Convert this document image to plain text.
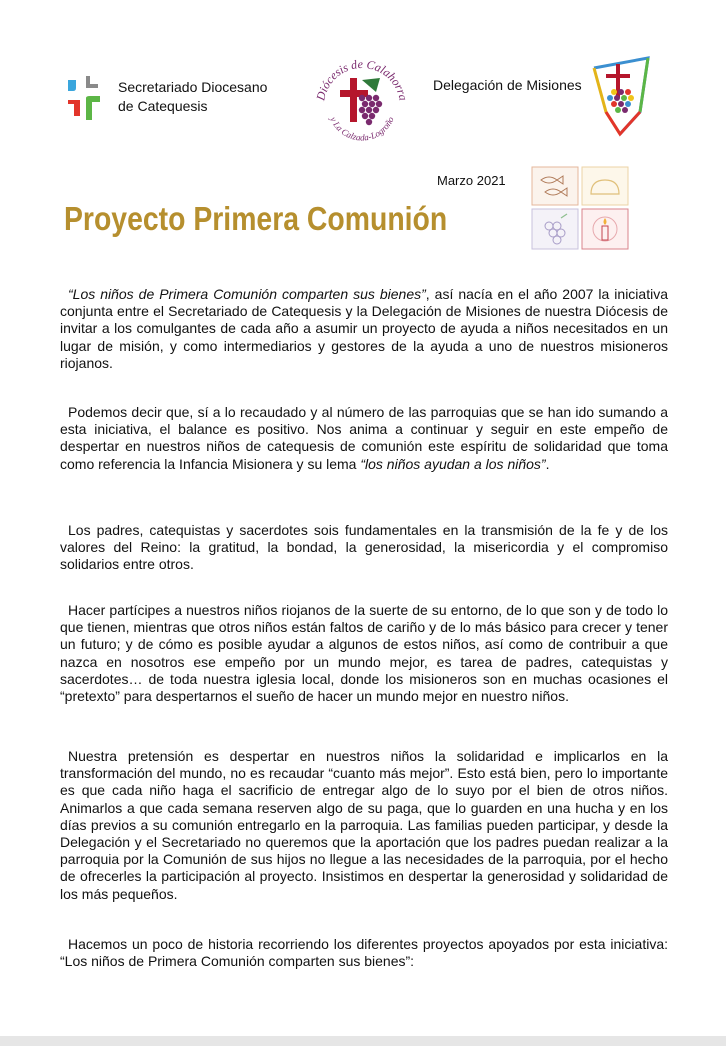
Secretariado Diocesano
de Catequesis
Diócesis de Calahorra
y La Calzada-Logroño
Delegación de Misiones
Marzo 2021
Proyecto Primera Comunión

“Los niños de Primera Comunión comparten sus bienes”, así nacía en el año 2007 la iniciativa conjunta entre el Secretariado de Catequesis y la Delegación de Misiones de nuestra Diócesis de invitar a los comulgantes de cada año a asumir un proyecto de ayuda a niños necesitados en un lugar de misión, y como intermediarios y gestores de la ayuda a uno de nuestros misioneros riojanos.

Podemos decir que, sí a lo recaudado y al número de las parroquias que se han ido sumando a esta iniciativa, el balance es positivo. Nos anima a continuar y seguir en este empeño de despertar en nuestros niños de catequesis de comunión este espíritu de solidaridad que toma como referencia la Infancia Misionera y su lema “los niños ayudan a los niños”.

Los padres, catequistas y sacerdotes sois fundamentales en la transmisión de la fe y de los valores del Reino: la gratitud, la bondad, la generosidad, la misericordia y el compromiso solidarios entre otros.

Hacer partícipes a nuestros niños riojanos de la suerte de su entorno, de lo que son y de todo lo que tienen, mientras que otros niños están faltos de cariño y de lo más básico para crecer y tener un futuro; y de cómo es posible ayudar a algunos de estos niños, así como de contribuir a que nazca en nosotros ese empeño por un mundo mejor, es tarea de padres, catequistas y sacerdotes… de toda nuestra iglesia local, donde los misioneros son en muchas ocasiones el “pretexto” para despertarnos el sueño de hacer un mundo mejor en nuestro niños.

Nuestra pretensión es despertar en nuestros niños la solidaridad e implicarlos en la transformación del mundo, no es recaudar “cuanto más mejor”. Esto está bien, pero lo importante es que cada niño haga el sacrificio de entregar algo de lo suyo por el bien de otros niños. Animarlos a que cada semana reserven algo de su paga, que lo guarden en una hucha y en los días previos a su comunión entregarlo en la parroquia. Las familias pueden participar, y desde la Delegación y el Secretariado no queremos que la aportación que los padres puedan realizar a la parroquia por la Comunión de sus hijos no llegue a las necesidades de la parroquia, por el hecho de ofrecerles la participación al proyecto. Insistimos en despertar la generosidad y solidaridad de los más pequeños.

Hacemos un poco de historia recorriendo los diferentes proyectos apoyados por esta iniciativa: “Los niños de Primera Comunión comparten sus bienes”:
